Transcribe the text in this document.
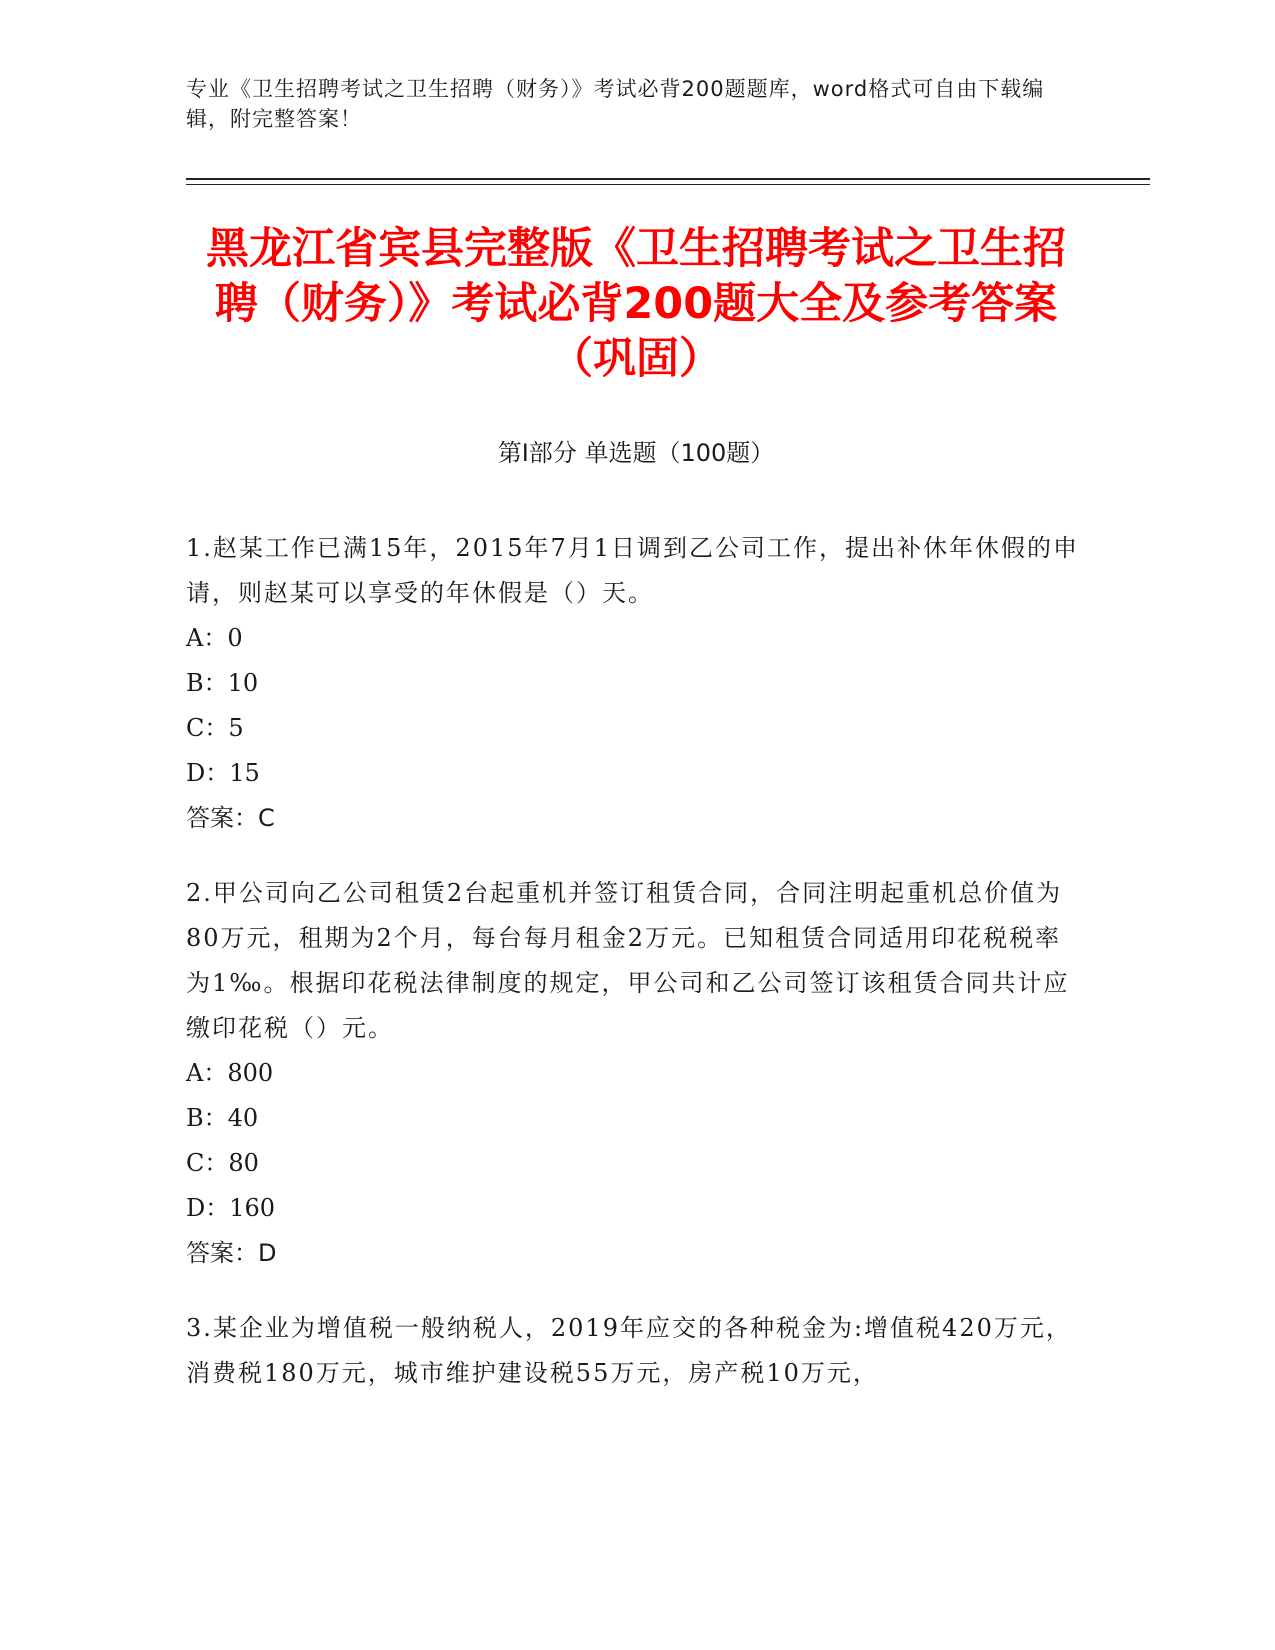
专业《卫生招聘考试之卫生招聘（财务）》考试必背200题题库，word格式可自由下载编辑，附完整答案！
黑龙江省宾县完整版《卫生招聘考试之卫生招聘（财务）》考试必背200题大全及参考答案（巩固）
第Ⅰ部分 单选题（100题）
1.赵某工作已满15年，2015年7月1日调到乙公司工作，提出补休年休假的申请，则赵某可以享受的年休假是（）天。
A：0
B：10
C：5
D：15
答案：C
2.甲公司向乙公司租赁2台起重机并签订租赁合同，合同注明起重机总价值为80万元，租期为2个月，每台每月租金2万元。已知租赁合同适用印花税税率为1‰。根据印花税法律制度的规定，甲公司和乙公司签订该租赁合同共计应缴印花税（）元。
A：800
B：40
C：80
D：160
答案：D
3.某企业为增值税一般纳税人，2019年应交的各种税金为:增值税420万元，消费税180万元，城市维护建设税55万元，房产税10万元，
